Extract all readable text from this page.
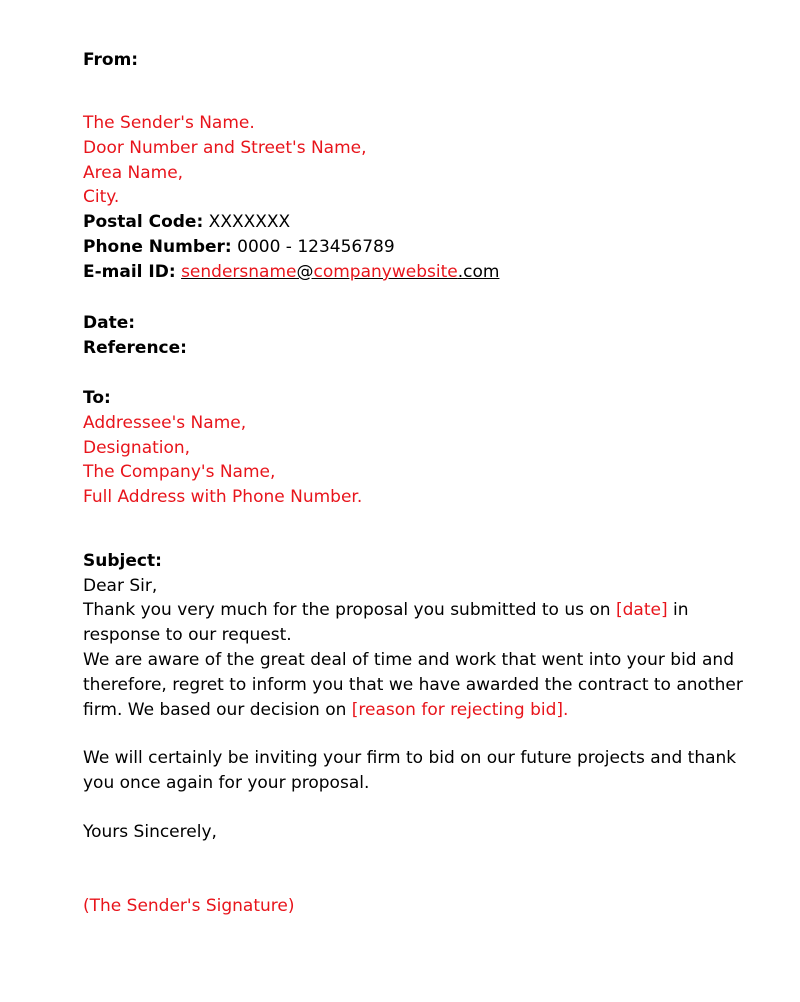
From:
The Sender's Name.
Door Number and Street's Name,
Area Name,
City.
Postal Code: XXXXXXX
Phone Number: 0000 - 123456789
E-mail ID: sendersname@companywebsite.com
Date:
Reference:
To:
Addressee's Name,
Designation,
The Company's Name,
Full Address with Phone Number.
Subject:
Dear Sir,
Thank you very much for the proposal you submitted to us on [date] in
response to our request.
We are aware of the great deal of time and work that went into your bid and
therefore, regret to inform you that we have awarded the contract to another
firm. We based our decision on [reason for rejecting bid].
We will certainly be inviting your firm to bid on our future projects and thank
you once again for your proposal.
Yours Sincerely,
(The Sender's Signature)
